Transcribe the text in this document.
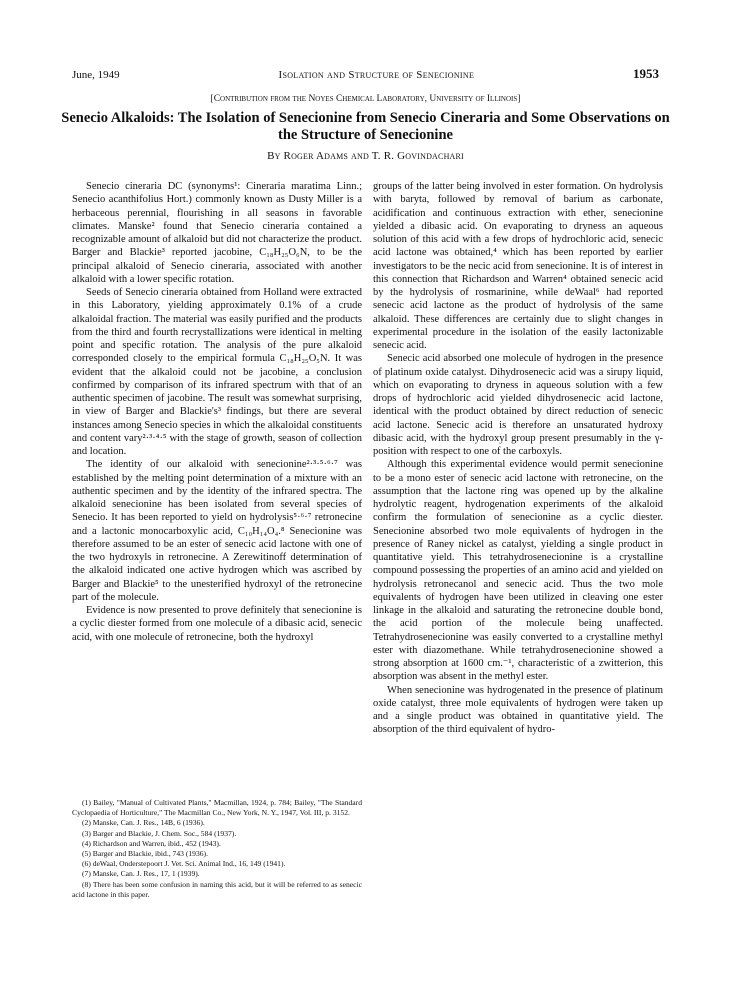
June, 1949	Isolation and Structure of Senecionine	1953
[Contribution from the Noyes Chemical Laboratory, University of Illinois]
Senecio Alkaloids: The Isolation of Senecionine from Senecio Cineraria and Some Observations on the Structure of Senecionine
By Roger Adams and T. R. Govindachari

Senecio cineraria DC (synonyms¹: Cineraria maratima Linn.; Senecio acanthifolius Hort.) commonly known as Dusty Miller is a herbaceous perennial, flourishing in all seasons in favorable climates. Manske² found that Senecio cineraria contained a recognizable amount of alkaloid but did not characterize the product. Barger and Blackie³ reported jacobine, C₁₈H₂₅O₆N, to be the principal alkaloid of Senecio cineraria, associated with another alkaloid with a lower specific rotation.

Seeds of Senecio cineraria obtained from Holland were extracted in this Laboratory, yielding approximately 0.1% of a crude alkaloidal fraction. The material was easily purified and the products from the third and fourth recrystallizations were identical in melting point and specific rotation. The analysis of the pure alkaloid corresponded closely to the empirical formula C₁₈H₂₅O₅N. It was evident that the alkaloid could not be jacobine, a conclusion confirmed by comparison of its infrared spectrum with that of an authentic specimen of jacobine. The result was somewhat surprising, in view of Barger and Blackie's³ findings, but there are several instances among Senecio species in which the alkaloidal constituents and content vary²·³·⁴·⁵ with the stage of growth, season of collection and location.

The identity of our alkaloid with senecionine²·³·⁵·⁶·⁷ was established by the melting point determination of a mixture with an authentic specimen and by the identity of the infrared spectra. The alkaloid senecionine has been isolated from several species of Senecio. It has been reported to yield on hydrolysis⁵·⁶·⁷ retronecine and a lactonic monocarboxylic acid, C₁₀H₁₄O₄.⁸ Senecionine was therefore assumed to be an ester of senecic acid lactone with one of the two hydroxyls in retronecine. A Zerewitinoff determination of the alkaloid indicated one active hydrogen which was ascribed by Barger and Blackie⁵ to the unesterified hydroxyl of the retronecine part of the molecule.

Evidence is now presented to prove definitely that senecionine is a cyclic diester formed from one molecule of a dibasic acid, senecic acid, with one molecule of retronecine, both the hydroxyl

groups of the latter being involved in ester formation. On hydrolysis with baryta, followed by removal of barium as carbonate, acidification and continuous extraction with ether, senecionine yielded a dibasic acid. On evaporating to dryness an aqueous solution of this acid with a few drops of hydrochloric acid, senecic acid lactone was obtained,⁴ which has been reported by earlier investigators to be the necic acid from senecionine. It is of interest in this connection that Richardson and Warren⁴ obtained senecic acid by the hydrolysis of rosmarinine, while deWaal⁶ had reported senecic acid lactone as the product of hydrolysis of the same alkaloid. These differences are certainly due to slight changes in experimental procedure in the isolation of the easily lactonizable senecic acid.

Senecic acid absorbed one molecule of hydrogen in the presence of platinum oxide catalyst. Dihydrosenecic acid was a sirupy liquid, which on evaporating to dryness in aqueous solution with a few drops of hydrochloric acid yielded dihydrosenecic acid lactone, identical with the product obtained by direct reduction of senecic acid lactone. Senecic acid is therefore an unsaturated hydroxy dibasic acid, with the hydroxyl group present presumably in the γ-position with respect to one of the carboxyls.

Although this experimental evidence would permit senecionine to be a mono ester of senecic acid lactone with retronecine, on the assumption that the lactone ring was opened up by the alkaline hydrolytic reagent, hydrogenation experiments of the alkaloid confirm the formulation of senecionine as a cyclic diester. Senecionine absorbed two mole equivalents of hydrogen in the presence of Raney nickel as catalyst, yielding a single product in quantitative yield. This tetrahydrosenecionine is a crystalline compound possessing the properties of an amino acid and yielded on hydrolysis retronecanol and senecic acid. Thus the two mole equivalents of hydrogen have been utilized in cleaving one ester linkage in the alkaloid and saturating the retronecine double bond, the acid portion of the molecule being unaffected. Tetrahydrosenecionine was easily converted to a crystalline methyl ester with diazomethane. While tetrahydrosenecionine showed a strong absorption at 1600 cm.⁻¹, characteristic of a zwitterion, this absorption was absent in the methyl ester.

When senecionine was hydrogenated in the presence of platinum oxide catalyst, three mole equivalents of hydrogen were taken up and a single product was obtained in quantitative yield. The absorption of the third equivalent of hydro-

(1) Bailey, "Manual of Cultivated Plants," Macmillan, 1924, p. 784; Bailey, "The Standard Cyclopaedia of Horticulture," The Macmillan Co., New York, N. Y., 1947, Vol. III, p. 3152.
(2) Manske, Can. J. Res., 14B, 6 (1936).
(3) Barger and Blackie, J. Chem. Soc., 584 (1937).
(4) Richardson and Warren, ibid., 452 (1943).
(5) Barger and Blackie, ibid., 743 (1936).
(6) deWaal, Onderstepoort J. Vet. Sci. Animal Ind., 16, 149 (1941).
(7) Manske, Can. J. Res., 17, 1 (1939).
(8) There has been some confusion in naming this acid, but it will be referred to as senecic acid lactone in this paper.
